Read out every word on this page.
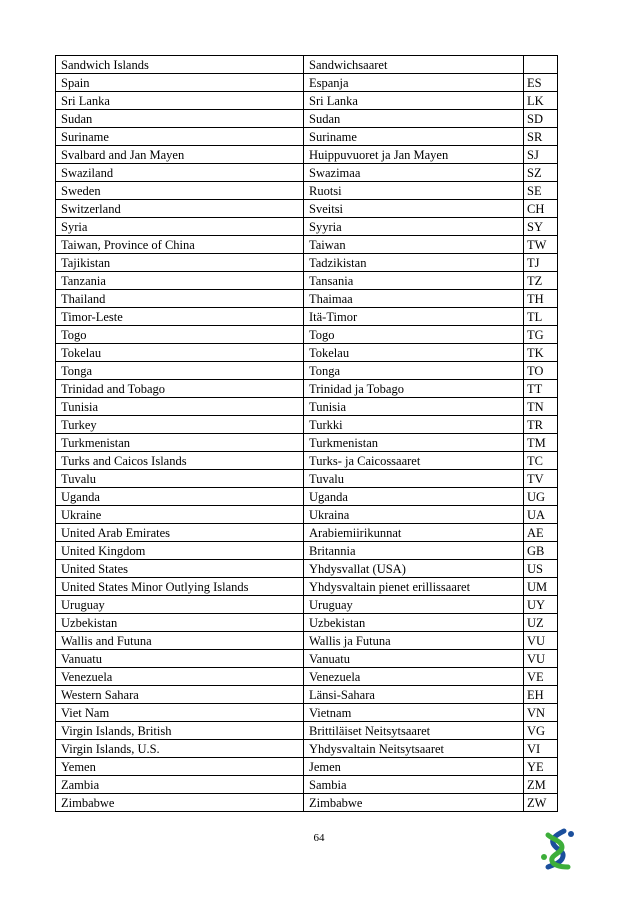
Sandwich Islands	Sandwichsaaret	
Spain	Espanja	ES
Sri Lanka	Sri Lanka	LK
Sudan	Sudan	SD
Suriname	Suriname	SR
Svalbard and Jan Mayen	Huippuvuoret ja Jan Mayen	SJ
Swaziland	Swazimaa	SZ
Sweden	Ruotsi	SE
Switzerland	Sveitsi	CH
Syria	Syyria	SY
Taiwan, Province of China	Taiwan	TW
Tajikistan	Tadzikistan	TJ
Tanzania	Tansania	TZ
Thailand	Thaimaa	TH
Timor-Leste	Itä-Timor	TL
Togo	Togo	TG
Tokelau	Tokelau	TK
Tonga	Tonga	TO
Trinidad and Tobago	Trinidad ja Tobago	TT
Tunisia	Tunisia	TN
Turkey	Turkki	TR
Turkmenistan	Turkmenistan	TM
Turks and Caicos Islands	Turks- ja Caicossaaret	TC
Tuvalu	Tuvalu	TV
Uganda	Uganda	UG
Ukraine	Ukraina	UA
United Arab Emirates	Arabiemiirikunnat	AE
United Kingdom	Britannia	GB
United States	Yhdysvallat (USA)	US
United States Minor Outlying Islands	Yhdysvaltain pienet erillissaaret	UM
Uruguay	Uruguay	UY
Uzbekistan	Uzbekistan	UZ
Wallis and Futuna	Wallis ja Futuna	VU
Vanuatu	Vanuatu	VU
Venezuela	Venezuela	VE
Western Sahara	Länsi-Sahara	EH
Viet Nam	Vietnam	VN
Virgin Islands, British	Brittiläiset Neitsytsaaret	VG
Virgin Islands, U.S.	Yhdysvaltain Neitsytsaaret	VI
Yemen	Jemen	YE
Zambia	Sambia	ZM
Zimbabwe	Zimbabwe	ZW
64
